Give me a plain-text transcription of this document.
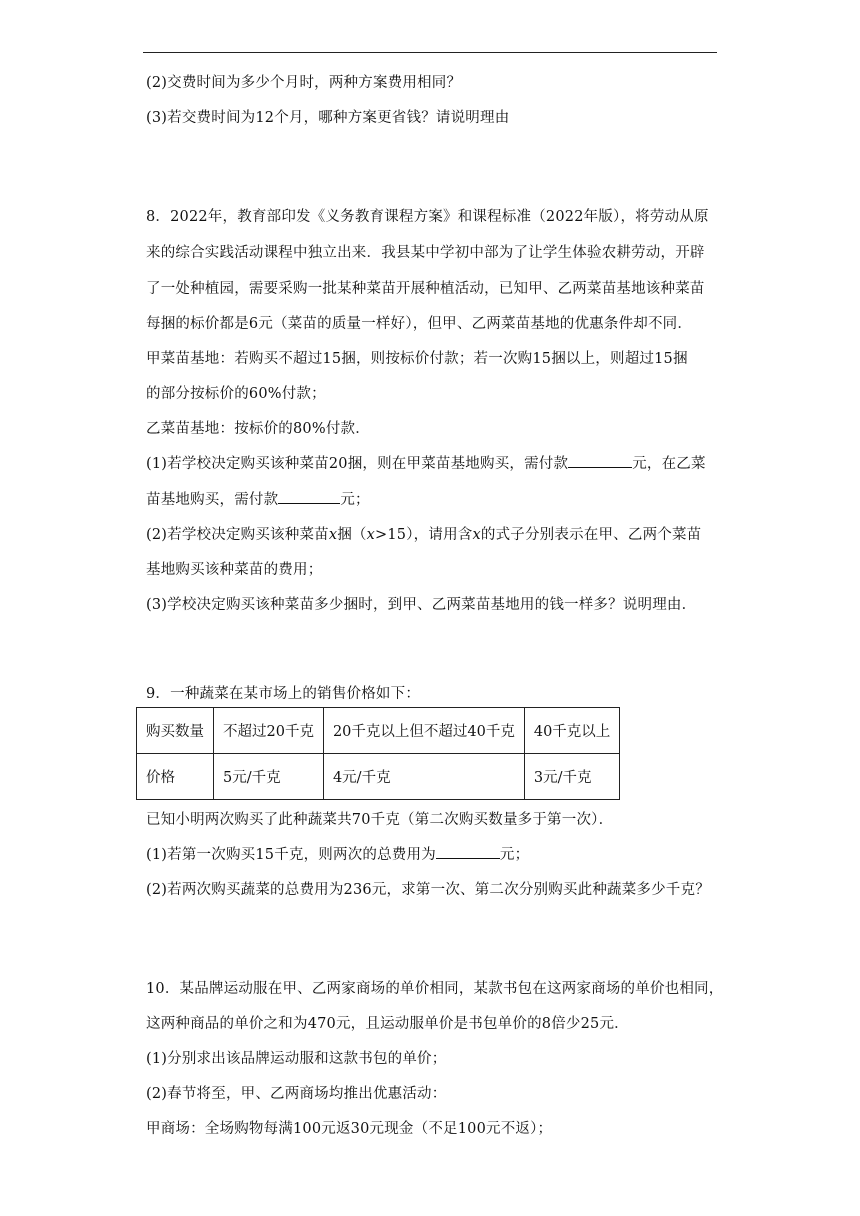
(2)交费时间为多少个月时，两种方案费用相同？
(3)若交费时间为12个月，哪种方案更省钱？请说明理由
8．2022年，教育部印发《义务教育课程方案》和课程标准（2022年版），将劳动从原
来的综合实践活动课程中独立出来．我县某中学初中部为了让学生体验农耕劳动，开辟
了一处种植园，需要采购一批某种菜苗开展种植活动，已知甲、乙两菜苗基地该种菜苗
每捆的标价都是6元（菜苗的质量一样好），但甲、乙两菜苗基地的优惠条件却不同．
甲菜苗基地：若购买不超过15捆，则按标价付款；若一次购15捆以上，则超过15捆
的部分按标价的60%付款；
乙菜苗基地：按标价的80%付款．
(1)若学校决定购买该种菜苗20捆，则在甲菜苗基地购买，需付款	元，在乙菜
苗基地购买，需付款	元；
(2)若学校决定购买该种菜苗x捆（x>15），请用含x的式子分别表示在甲、乙两个菜苗
基地购买该种菜苗的费用；
(3)学校决定购买该种菜苗多少捆时，到甲、乙两菜苗基地用的钱一样多？说明理由．
9．一种蔬菜在某市场上的销售价格如下：
购买数量	不超过20千克	20千克以上但不超过40千克	40千克以上
价格	5元/千克	4元/千克	3元/千克
已知小明两次购买了此种蔬菜共70千克（第二次购买数量多于第一次）．
(1)若第一次购买15千克，则两次的总费用为	元；
(2)若两次购买蔬菜的总费用为236元，求第一次、第二次分别购买此种蔬菜多少千克？
10．某品牌运动服在甲、乙两家商场的单价相同，某款书包在这两家商场的单价也相同，
这两种商品的单价之和为470元，且运动服单价是书包单价的8倍少25元．
(1)分别求出该品牌运动服和这款书包的单价；
(2)春节将至，甲、乙两商场均推出优惠活动：
甲商场：全场购物每满100元返30元现金（不足100元不返）；
